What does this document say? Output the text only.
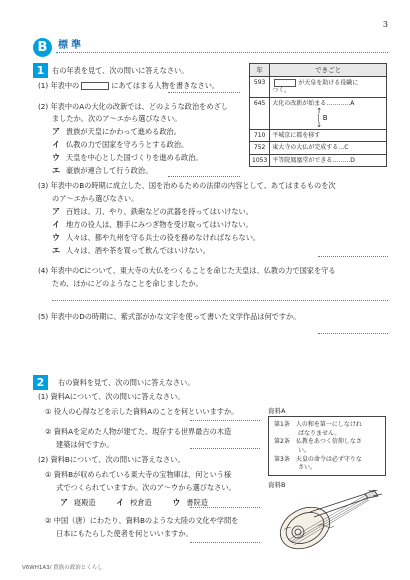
3
B	標準
1	右の年表を見て、次の問いに答えなさい。
(1) 年表中の	にあてはまる人物を書きなさい。
(2) 年表中のAの大化の改新では、どのような政治をめざし
ましたか。次のア〜エから選びなさい。
ア 貴族が天皇にかわって進める政治。
イ 仏教の力で国家を守ろうとする政治。
ウ 天皇を中心とした国づくりを進める政治。
エ 豪族が連合して行う政治。
(3) 年表中のBの時期に成立した、国を治めるための法律の内容として、あてはまるものを次
のア〜エから選びなさい。
ア 百姓は、刀、やり、鉄砲などの武器を持ってはいけない。
イ 地方の役人は、勝手にみつぎ物を受け取ってはいけない。
ウ 人々は、都や九州を守る兵士の役を務めなければならない。
エ 人々は、酒や茶を買って飲んではいけない。
(4) 年表中のCについて、東大寺の大仏をつくることを命じた天皇は、仏教の力で国家を守る
ため、ほかにどのようなことを命じましたか。
(5) 年表中のDの時期に、紫式部がかな文字を使って書いた文学作品は何ですか。
年	できごと
593	が天皇を助ける役職に
つく。
645	大化の改新が始まる…………A
↑
│ B
↓

710	平城京に都を移す
752	東大寺の大仏が完成する…C
1053	平等院鳳凰堂ができる………D
2	右の資料を見て、次の問いに答えなさい。
(1) 資料Aについて、次の問いに答えなさい。
① 役人の心得などを示した資料Aのことを何といいますか。
② 資料Aを定めた人物が建てた、現存する世界最古の木造
建築は何ですか。
(2) 資料Bについて、次の問いに答えなさい。
① 資料Bが収められている東大寺の宝物庫は、何という様
式でつくられていますか。次のア〜ウから選びなさい。
ア 寝殿造	イ 校倉造	ウ 書院造
② 中国（唐）にわたり、資料Bのような大陸の文化や学問を
日本にもたらした使者を何といいますか。
資料A
第1条　人の和を第一にしなけれ
　　　　ばなりません。
第2条　仏教をあつく信仰しなさ
　　　　い。
第3条　天皇の命令は必ず守りな
　　　　さい。
資料B
V6WH1A3/ 貴族の政治とくらし
